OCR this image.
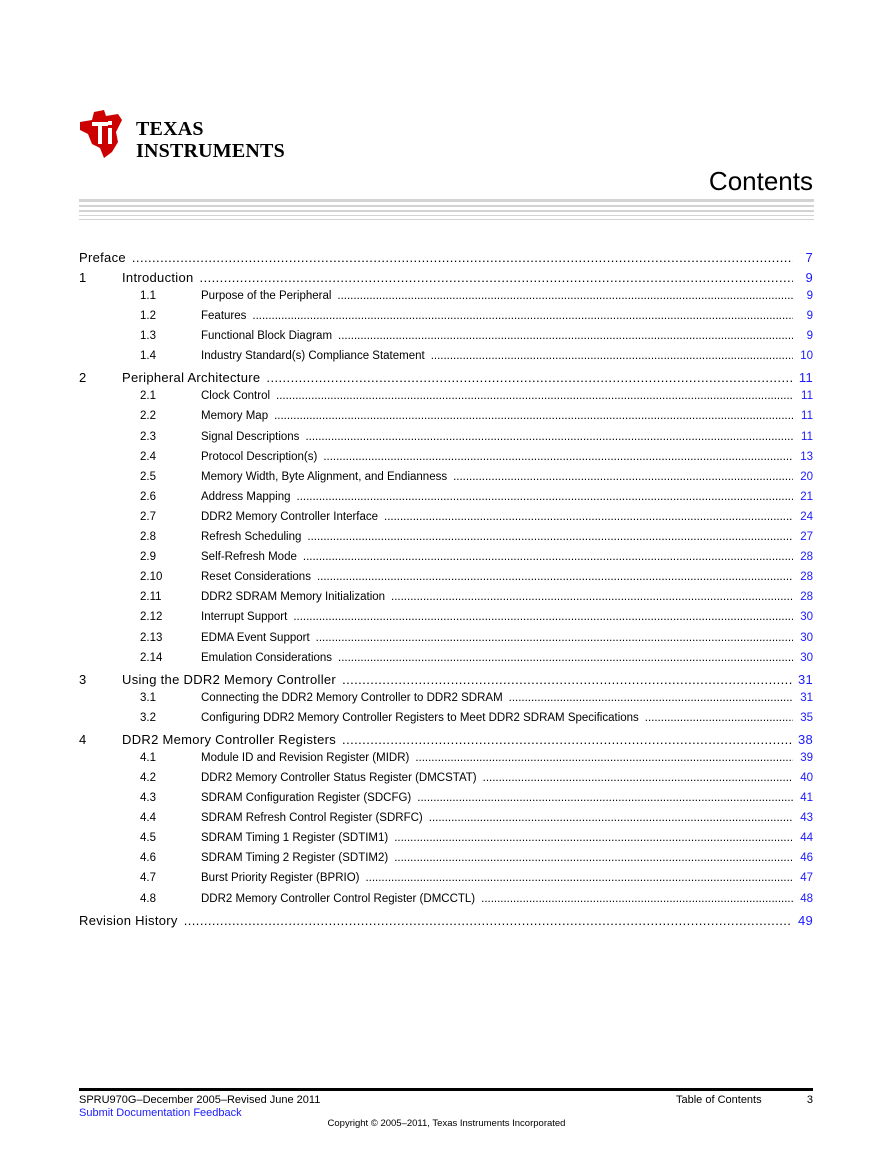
TEXAS
INSTRUMENTS
Contents
Preface . . .	7
1	Introduction . . .	9
1.1	Purpose of the Peripheral . . .	9
1.2	Features . . .	9
1.3	Functional Block Diagram . . .	9
1.4	Industry Standard(s) Compliance Statement . . .	10
2	Peripheral Architecture . . .	11
2.1	Clock Control . . .	11
2.2	Memory Map . . .	11
2.3	Signal Descriptions . . .	11
2.4	Protocol Description(s) . . .	13
2.5	Memory Width, Byte Alignment, and Endianness . . .	20
2.6	Address Mapping . . .	21
2.7	DDR2 Memory Controller Interface . . .	24
2.8	Refresh Scheduling . . .	27
2.9	Self-Refresh Mode . . .	28
2.10	Reset Considerations . . .	28
2.11	DDR2 SDRAM Memory Initialization . . .	28
2.12	Interrupt Support . . .	30
2.13	EDMA Event Support . . .	30
2.14	Emulation Considerations . . .	30
3	Using the DDR2 Memory Controller . . .	31
3.1	Connecting the DDR2 Memory Controller to DDR2 SDRAM . . .	31
3.2	Configuring DDR2 Memory Controller Registers to Meet DDR2 SDRAM Specifications . . .	35
4	DDR2 Memory Controller Registers . . .	38
4.1	Module ID and Revision Register (MIDR) . . .	39
4.2	DDR2 Memory Controller Status Register (DMCSTAT) . . .	40
4.3	SDRAM Configuration Register (SDCFG) . . .	41
4.4	SDRAM Refresh Control Register (SDRFC) . . .	43
4.5	SDRAM Timing 1 Register (SDTIM1) . . .	44
4.6	SDRAM Timing 2 Register (SDTIM2) . . .	46
4.7	Burst Priority Register (BPRIO) . . .	47
4.8	DDR2 Memory Controller Control Register (DMCCTL) . . .	48
Revision History . . .	49
SPRU970G–December 2005–Revised June 2011
Submit Documentation Feedback
Table of Contents	3
Copyright © 2005–2011, Texas Instruments Incorporated
